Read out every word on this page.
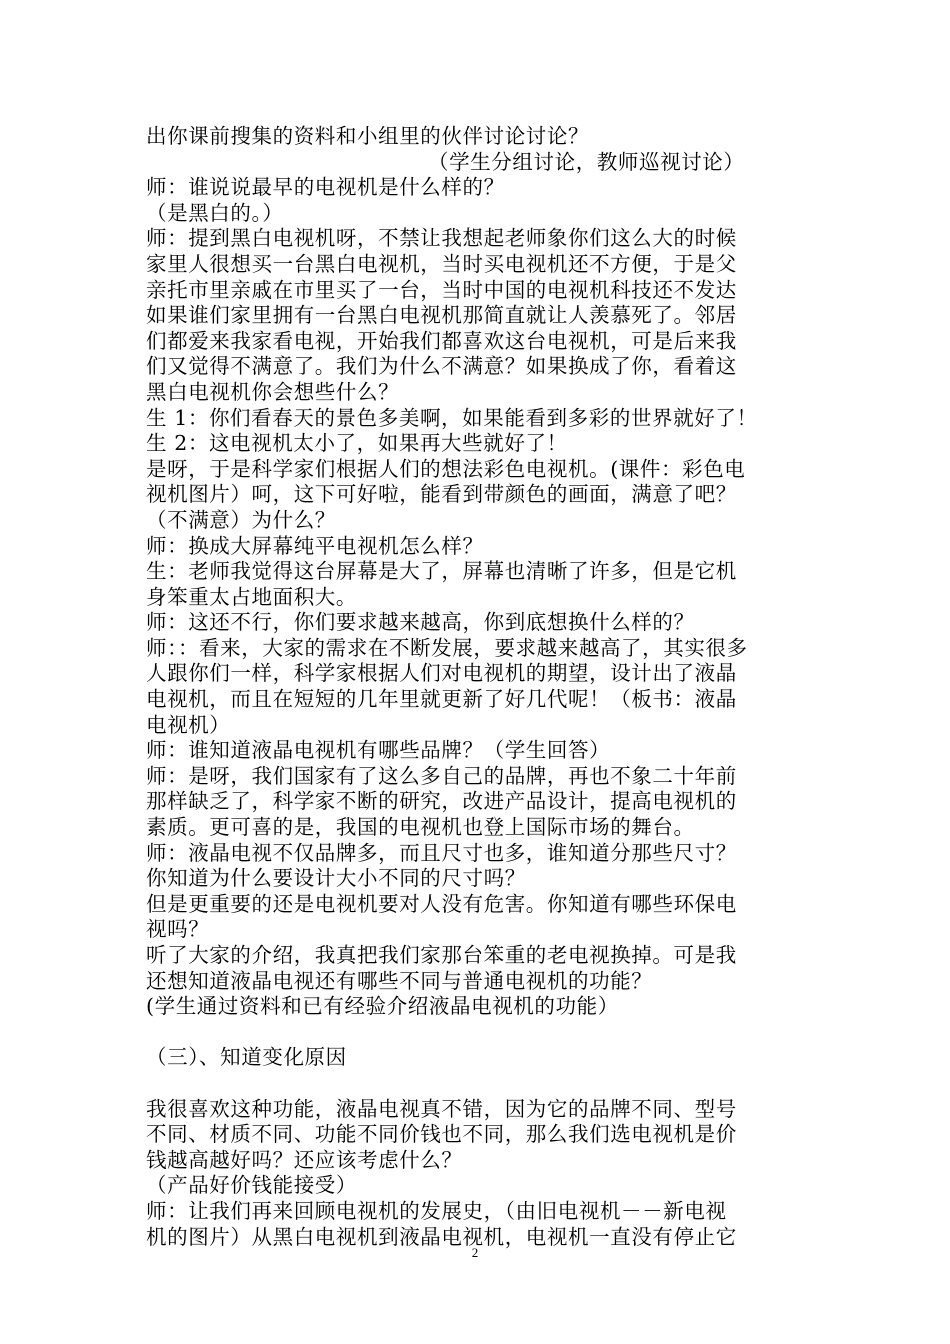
出你课前搜集的资料和小组里的伙伴讨论讨论？
（学生分组讨论，教师巡视讨论）
师：谁说说最早的电视机是什么样的？
（是黑白的。）
师：提到黑白电视机呀，不禁让我想起老师象你们这么大的时候
家里人很想买一台黑白电视机，当时买电视机还不方便，于是父
亲托市里亲戚在市里买了一台，当时中国的电视机科技还不发达
如果谁们家里拥有一台黑白电视机那简直就让人羡慕死了。邻居
们都爱来我家看电视，开始我们都喜欢这台电视机，可是后来我
们又觉得不满意了。我们为什么不满意？如果换成了你，看着这
黑白电视机你会想些什么？
生 1：你们看春天的景色多美啊，如果能看到多彩的世界就好了！
生 2：这电视机太小了，如果再大些就好了！
是呀，于是科学家们根据人们的想法彩色电视机。(课件：彩色电
视机图片）呵，这下可好啦，能看到带颜色的画面，满意了吧？
（不满意）为什么？
师：换成大屏幕纯平电视机怎么样？
生：老师我觉得这台屏幕是大了，屏幕也清晰了许多，但是它机
身笨重太占地面积大。
师：这还不行，你们要求越来越高，你到底想换什么样的？
师：：看来，大家的需求在不断发展，要求越来越高了，其实很多
人跟你们一样，科学家根据人们对电视机的期望，设计出了液晶
电视机，而且在短短的几年里就更新了好几代呢！（板书：液晶
电视机）
师：谁知道液晶电视机有哪些品牌？（学生回答）
师：是呀，我们国家有了这么多自己的品牌，再也不象二十年前
那样缺乏了，科学家不断的研究，改进产品设计，提高电视机的
素质。更可喜的是，我国的电视机也登上国际市场的舞台。
师：液晶电视不仅品牌多，而且尺寸也多，谁知道分那些尺寸？
你知道为什么要设计大小不同的尺寸吗？
但是更重要的还是电视机要对人没有危害。你知道有哪些环保电
视吗？
听了大家的介绍，我真把我们家那台笨重的老电视换掉。可是我
还想知道液晶电视还有哪些不同与普通电视机的功能？
(学生通过资料和已有经验介绍液晶电视机的功能）
（三）、知道变化原因
我很喜欢这种功能，液晶电视真不错，因为它的品牌不同、型号
不同、材质不同、功能不同价钱也不同，那么我们选电视机是价
钱越高越好吗？还应该考虑什么？
（产品好价钱能接受）
师：让我们再来回顾电视机的发展史，（由旧电视机－－新电视
机的图片）从黑白电视机到液晶电视机，电视机一直没有停止它
2
